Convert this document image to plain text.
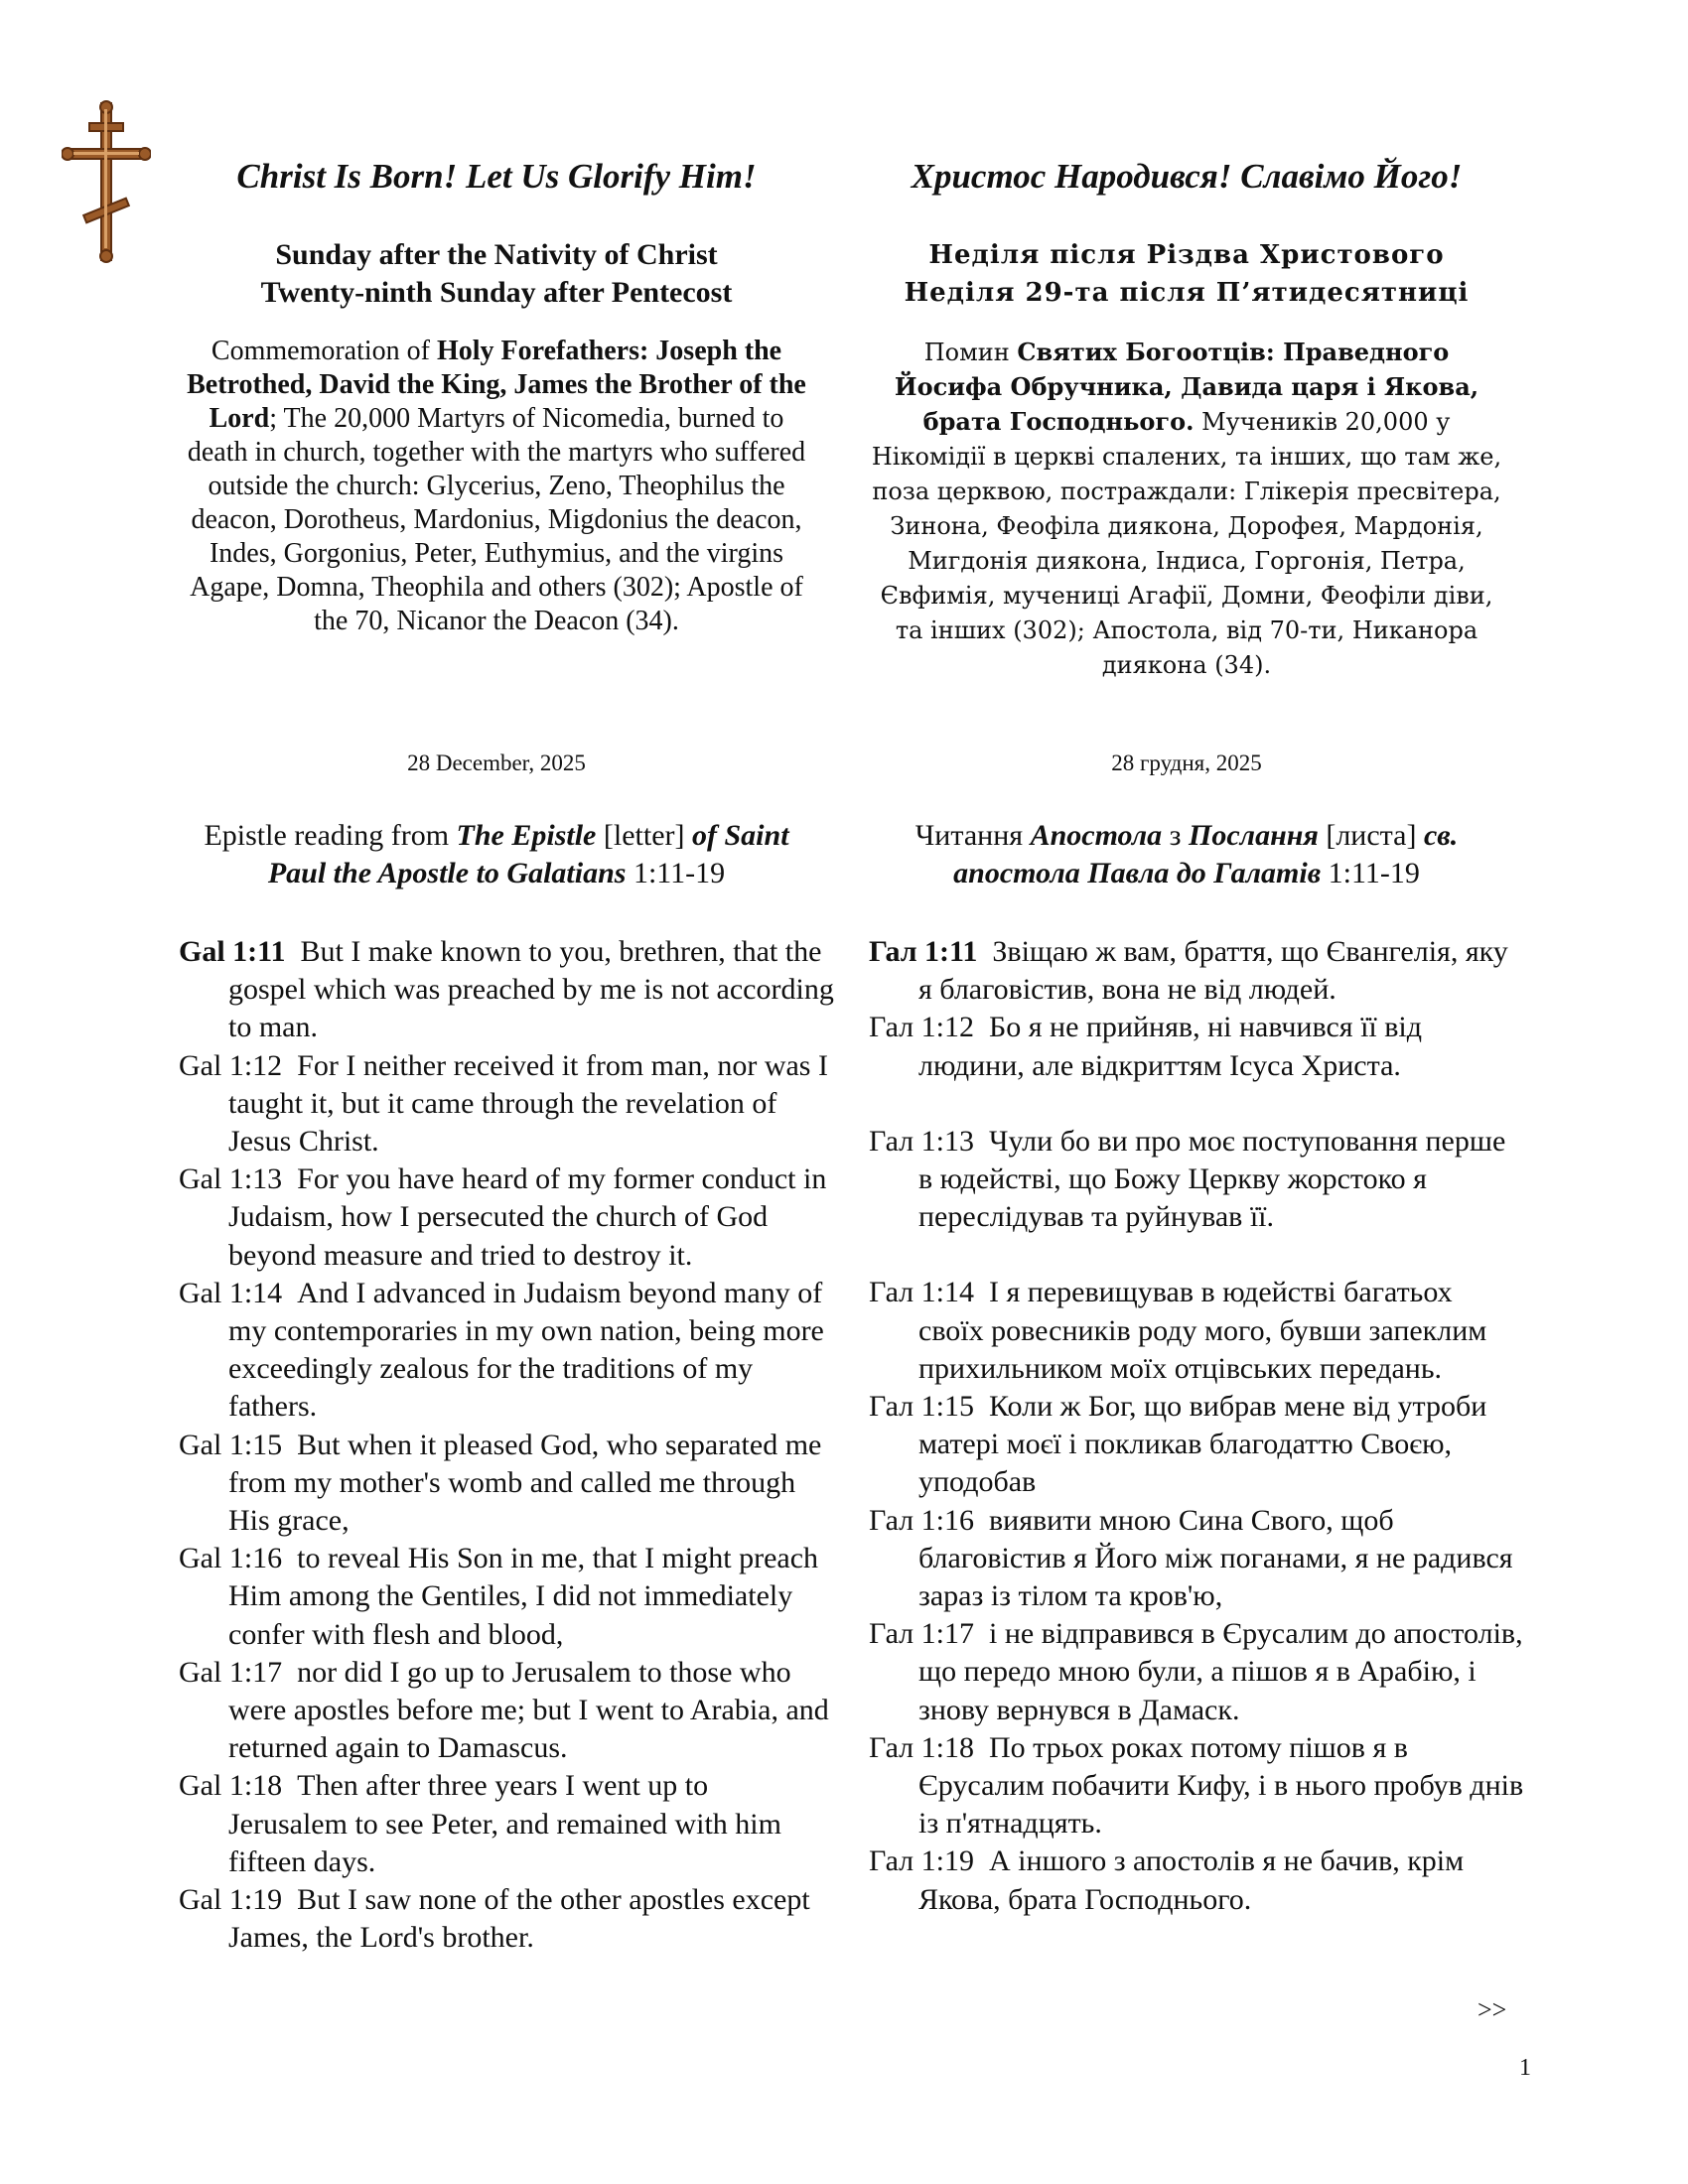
Christ Is Born! Let Us Glorify Him!
Sunday after the Nativity of Christ
Twenty-ninth Sunday after Pentecost
Commemoration of Holy Forefathers: Joseph the Betrothed, David the King, James the Brother of the Lord; The 20,000 Martyrs of Nicomedia, burned to death in church, together with the martyrs who suffered outside the church: Glycerius, Zeno, Theophilus the deacon, Dorotheus, Mardonius, Migdonius the deacon, Indes, Gorgonius, Peter, Euthymius, and the virgins Agape, Domna, Theophila and others (302); Apostle of the 70, Nicanor the Deacon (34).
28 December, 2025
Epistle reading from The Epistle [letter] of Saint Paul the Apostle to Galatians 1:11-19

Gal 1:11 But I make known to you, brethren, that the gospel which was preached by me is not according to man.

Gal 1:12 For I neither received it from man, nor was I taught it, but it came through the revelation of Jesus Christ.

Gal 1:13 For you have heard of my former conduct in Judaism, how I persecuted the church of God beyond measure and tried to destroy it.

Gal 1:14 And I advanced in Judaism beyond many of my contemporaries in my own nation, being more exceedingly zealous for the traditions of my fathers.

Gal 1:15 But when it pleased God, who separated me from my mother's womb and called me through His grace,

Gal 1:16 to reveal His Son in me, that I might preach Him among the Gentiles, I did not immediately confer with flesh and blood,

Gal 1:17 nor did I go up to Jerusalem to those who were apostles before me; but I went to Arabia, and returned again to Damascus.

Gal 1:18 Then after three years I went up to Jerusalem to see Peter, and remained with him fifteen days.

Gal 1:19 But I saw none of the other apostles except James, the Lord's brother.

Христос Народився! Славімо Його!
Неділя після Різдва Христового
Неділя 29-та після П’ятидесятниці
Помин Святих Богоотців: Праведного Йосифа Обручника, Давида царя і Якова, брата Господнього. Мучеників 20,000 у Нікомідії в церкві спалених, та інших, що там же, поза церквою, постраждали: Глікерія пресвітера, Зинона, Феофіла диякона, Дорофея, Мардонія, Мигдонія диякона, Індиса, Горгонія, Петра, Євфимія, мучениці Агафії, Домни, Феофіли діви, та інших (302); Апостола, від 70-ти, Никанора диякона (34).
28 грудня, 2025
Читання Апостола з Послання [листа] св. апостола Павла до Галатів 1:11-19

Гал 1:11 Звіщаю ж вам, браття, що Євангелія, яку я благовістив, вона не від людей.

Гал 1:12 Бо я не прийняв, ні навчився її від людини, але відкриттям Ісуса Христа.

Гал 1:13 Чули бо ви про моє поступовання перше в юдействі, що Божу Церкву жорстоко я переслідував та руйнував її.

Гал 1:14 І я перевищував в юдействі багатьох своїх ровесників роду мого, бувши запеклим прихильником моїх отцівських передань.

Гал 1:15 Коли ж Бог, що вибрав мене від утроби матері моєї і покликав благодаттю Своєю, уподобав

Гал 1:16 виявити мною Сина Свого, щоб благовістив я Його між поганами, я не радився зараз із тілом та кров'ю,

Гал 1:17 і не відправився в Єрусалим до апостолів, що передо мною були, а пішов я в Арабію, і знову вернувся в Дамаск.

Гал 1:18 По трьох роках потому пішов я в Єрусалим побачити Кифу, і в нього пробув днів із п'ятнадцять.

Гал 1:19 А іншого з апостолів я не бачив, крім Якова, брата Господнього.

>>
1
